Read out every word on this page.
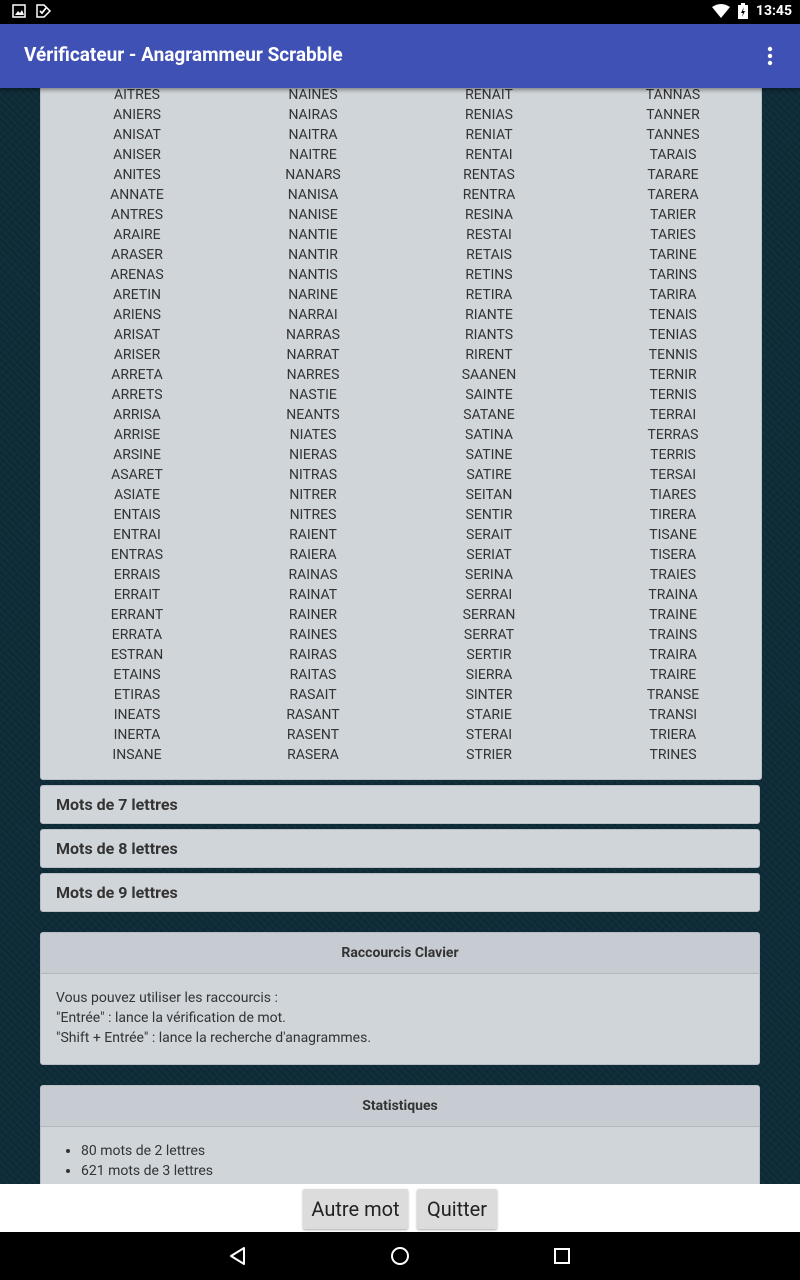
13:45
Vérificateur - Anagrammeur Scrabble
AITRES
ANIERS
ANISAT
ANISER
ANITES
ANNATE
ANTRES
ARAIRE
ARASER
ARENAS
ARETIN
ARIENS
ARISAT
ARISER
ARRETA
ARRETS
ARRISA
ARRISE
ARSINE
ASARET
ASIATE
ENTAIS
ENTRAI
ENTRAS
ERRAIS
ERRAIT
ERRANT
ERRATA
ESTRAN
ETAINS
ETIRAS
INEATS
INERTA
INSANE
NAINES
NAIRAS
NAITRA
NAITRE
NANARS
NANISA
NANISE
NANTIE
NANTIR
NANTIS
NARINE
NARRAI
NARRAS
NARRAT
NARRES
NASTIE
NEANTS
NIATES
NIERAS
NITRAS
NITRER
NITRES
RAIENT
RAIERA
RAINAS
RAINAT
RAINER
RAINES
RAIRAS
RAITAS
RASAIT
RASANT
RASENT
RASERA
RENAIT
RENIAS
RENIAT
RENTAI
RENTAS
RENTRA
RESINA
RESTAI
RETAIS
RETINS
RETIRA
RIANTE
RIANTS
RIRENT
SAANEN
SAINTE
SATANE
SATINA
SATINE
SATIRE
SEITAN
SENTIR
SERAIT
SERIAT
SERINA
SERRAI
SERRAN
SERRAT
SERTIR
SIERRA
SINTER
STARIE
STERAI
STRIER
TANNAS
TANNER
TANNES
TARAIS
TARARE
TARERA
TARIER
TARIES
TARINE
TARINS
TARIRA
TENAIS
TENIAS
TENNIS
TERNIR
TERNIS
TERRAI
TERRAS
TERRIS
TERSAI
TIARES
TIRERA
TISANE
TISERA
TRAIES
TRAINA
TRAINE
TRAINS
TRAIRA
TRAIRE
TRANSE
TRANSI
TRIERA
TRINES
Mots de 7 lettres
Mots de 8 lettres
Mots de 9 lettres
Raccourcis Clavier
Vous pouvez utiliser les raccourcis :
"Entrée" : lance la vérification de mot.
"Shift + Entrée" : lance la recherche d'anagrammes.
Statistiques
• 80 mots de 2 lettres
• 621 mots de 3 lettres
Autre mot	Quitter
